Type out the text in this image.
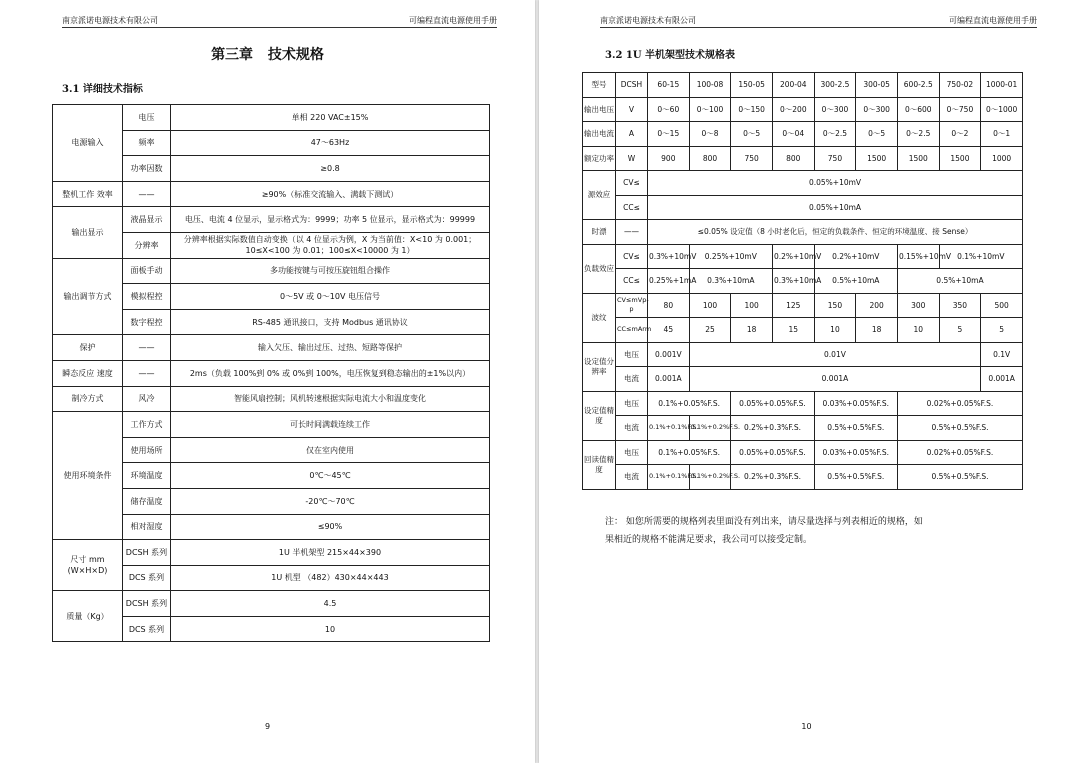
南京派诺电源技术有限公司	可编程直流电源使用手册
第三章 技术规格
3.1 详细技术指标
电源输入	电压	单相 220 VAC±15%
	频率	47～63Hz
	功率因数	≥0.8
整机工作 效率	——	≥90%（标准交流输入、满载下测试）
输出显示	液晶显示	电压、电流 4 位显示，显示格式为：9999；功率 5 位显示，显示格式为：99999
	分辨率	分辨率根据实际数值自动变换（以 4 位显示为例，X 为当前值：X<10 为 0.001；10≤X<100 为 0.01；100≤X<10000 为 1）
输出调节方式	面板手动	多功能按键与可按压旋钮组合操作
	模拟程控	0～5V 或 0～10V 电压信号
	数字程控	RS-485 通讯接口，支持 Modbus 通讯协议
保护	——	输入欠压、输出过压、过热、短路等保护
瞬态反应 速度	——	2ms（负载 100%到 0% 或 0%到 100%，电压恢复到稳态输出的±1%以内）
制冷方式	风冷	智能风扇控制；风机转速根据实际电流大小和温度变化
使用环境条件	工作方式	可长时间满载连续工作
	使用场所	仅在室内使用
	环境温度	0℃～45℃
	储存温度	-20℃～70℃
	相对湿度	≤90%
尺寸 mm (W×H×D)	DCSH 系列	1U 半机架型 215×44×390
	DCS 系列	1U 机型 （482）430×44×443
质量（Kg）	DCSH 系列	4.5
	DCS 系列	10
9
南京派诺电源技术有限公司	可编程直流电源使用手册
3.2 1U 半机架型技术规格表
型号	DCSH	60-15	100-08	150-05	200-04	300-2.5	300-05	600-2.5	750-02	1000-01
输出电压	V	0～60	0～100	0～150	0～200	0～300	0～300	0～600	0～750	0～1000
输出电流	A	0～15	0～8	0～5	0～04	0～2.5	0～5	0～2.5	0～2	0～1
额定功率	W	900	800	750	800	750	1500	1500	1500	1000
源效应	CV≤	0.05%+10mV								
	CC≤	0.05%+10mA								
时漂	——	≤0.05% 设定值（8 小时老化后，恒定的负载条件、恒定的环境温度、接 Sense）								
负载效应	CV≤	0.3%+10mV	0.25%+10mV		0.2%+10mV	0.2%+10mV		0.15%+10mV	0.1%+10mV	
	CC≤	0.25%+1mA	0.3%+10mA		0.3%+10mA	0.5%+10mA		0.5%+10mA		
波纹	CV≤mVp-p	80	100	100	125	150	200	300	350	500
	CC≤mArm	45	25	18	15	10	18	10	5	5
设定值分辨率	电压	0.001V	0.01V							0.1V
	电流	0.001A	0.001A							0.001A
设定值精度	电压	0.1%+0.05%F.S.		0.05%+0.05%F.S.		0.03%+0.05%F.S.		0.02%+0.05%F.S.		
	电流	0.1%+0.1%F.S.	0.1%+0.2%F.S.	0.2%+0.3%F.S.		0.5%+0.5%F.S.		0.5%+0.5%F.S.		
回读值精度	电压	0.1%+0.05%F.S.		0.05%+0.05%F.S.		0.03%+0.05%F.S.		0.02%+0.05%F.S.		
	电流	0.1%+0.1%F.S.	0.1%+0.2%F.S.	0.2%+0.3%F.S.		0.5%+0.5%F.S.		0.5%+0.5%F.S.		
注： 如您所需要的规格列表里面没有列出来，请尽量选择与列表相近的规格，如
果相近的规格不能满足要求，我公司可以接受定制。
10
